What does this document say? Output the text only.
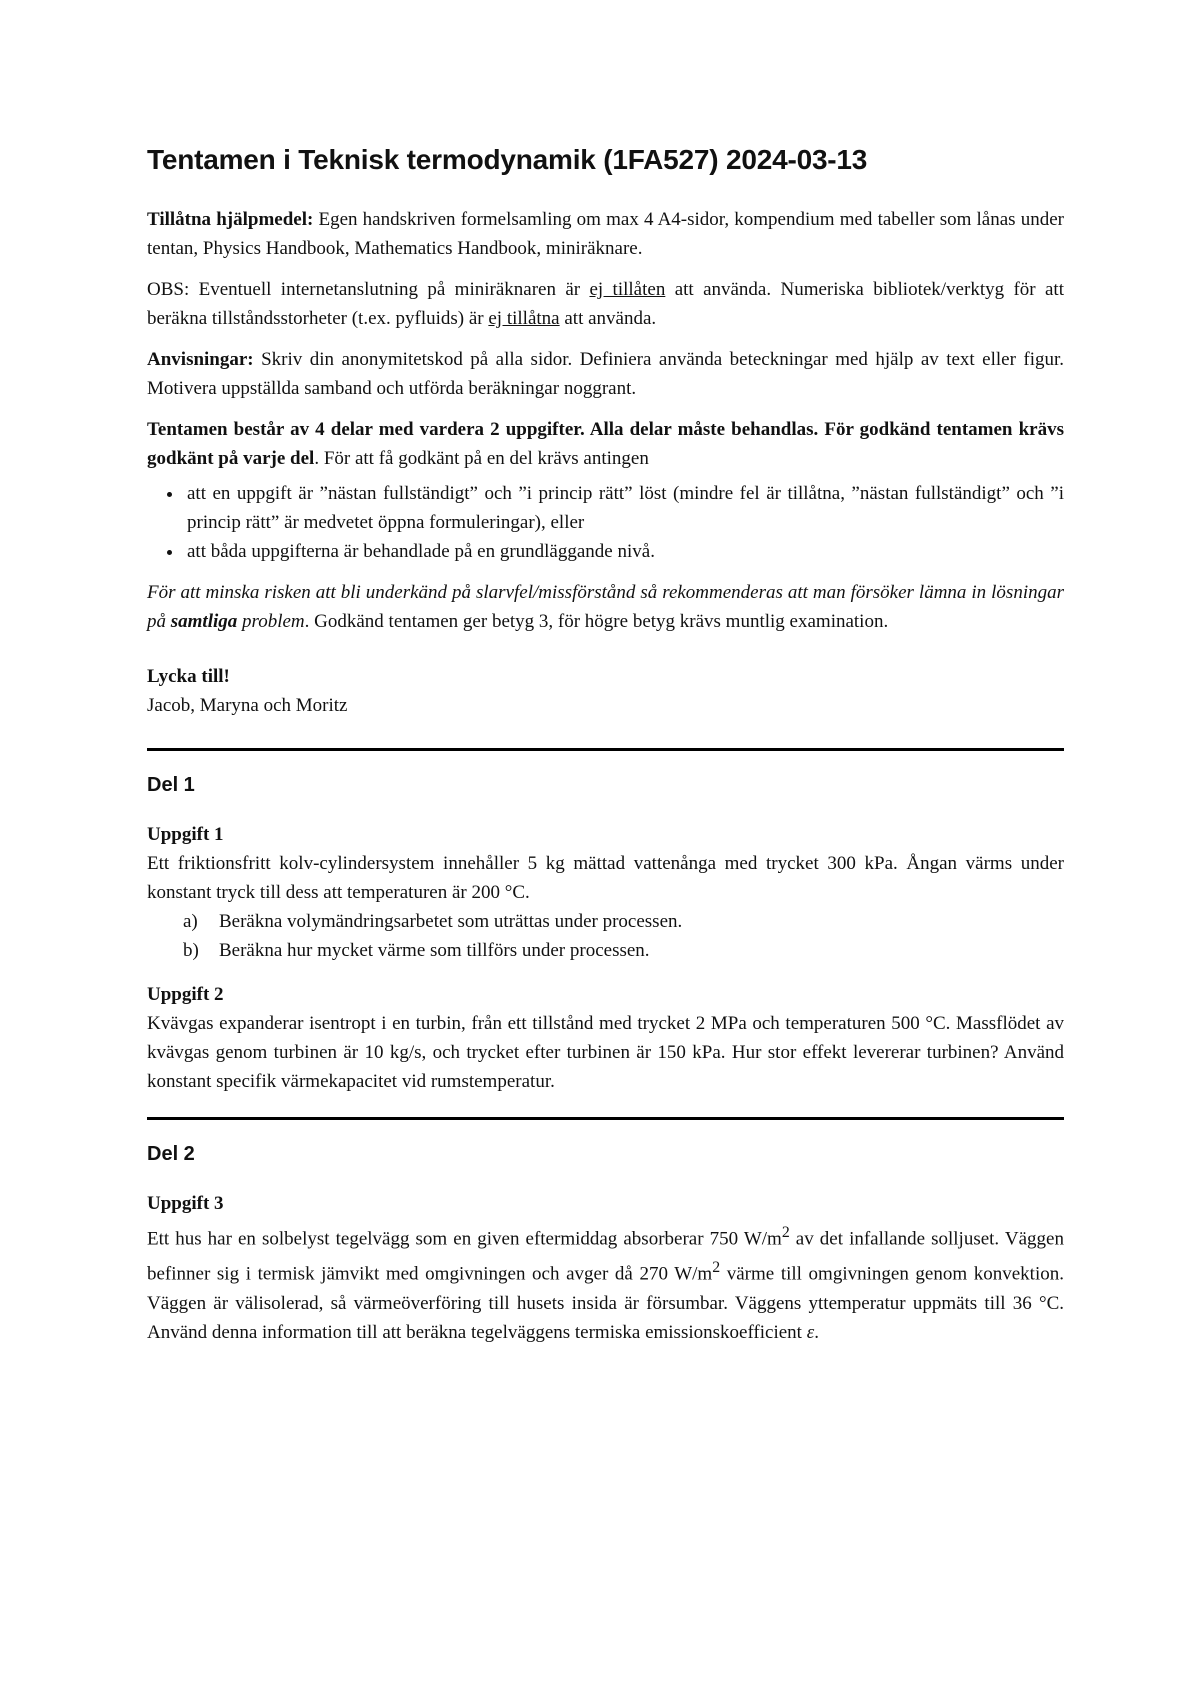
Tentamen i Teknisk termodynamik (1FA527) 2024-03-13

Tillåtna hjälpmedel: Egen handskriven formelsamling om max 4 A4-sidor, kompendium med tabeller som lånas under tentan, Physics Handbook, Mathematics Handbook, miniräknare.

OBS: Eventuell internetanslutning på miniräknaren är ej tillåten att använda. Numeriska bibliotek/verktyg för att beräkna tillståndsstorheter (t.ex. pyfluids) är ej tillåtna att använda.

Anvisningar: Skriv din anonymitetskod på alla sidor. Definiera använda beteckningar med hjälp av text eller figur. Motivera uppställda samband och utförda beräkningar noggrant.

Tentamen består av 4 delar med vardera 2 uppgifter. Alla delar måste behandlas. För godkänd tentamen krävs godkänt på varje del. För att få godkänt på en del krävs antingen

• att en uppgift är ”nästan fullständigt” och ”i princip rätt” löst (mindre fel är tillåtna, ”nästan fullständigt” och ”i princip rätt” är medvetet öppna formuleringar), eller
• att båda uppgifterna är behandlade på en grundläggande nivå.

För att minska risken att bli underkänd på slarvfel/missförstånd så rekommenderas att man försöker lämna in lösningar på samtliga problem. Godkänd tentamen ger betyg 3, för högre betyg krävs muntlig examination.

Lycka till!
Jacob, Maryna och Moritz
Del 1
Uppgift 1

Ett friktionsfritt kolv-cylindersystem innehåller 5 kg mättad vattenånga med trycket 300 kPa. Ångan värms under konstant tryck till dess att temperaturen är 200 °C.

a) Beräkna volymändringsarbetet som uträttas under processen.
b) Beräkna hur mycket värme som tillförs under processen.
Uppgift 2

Kvävgas expanderar isentropt i en turbin, från ett tillstånd med trycket 2 MPa och temperaturen 500 °C. Massflödet av kvävgas genom turbinen är 10 kg/s, och trycket efter turbinen är 150 kPa. Hur stor effekt levererar turbinen? Använd konstant specifik värmekapacitet vid rumstemperatur.

Del 2
Uppgift 3

Ett hus har en solbelyst tegelvägg som en given eftermiddag absorberar 750 $W/m^2$ av det infallande solljuset. Väggen befinner sig i termisk jämvikt med omgivningen och avger då 270 $W/m^2$ värme till omgivningen genom konvektion. Väggen är välisolerad, så värmeöverföring till husets insida är försumbar. Väggens yttemperatur uppmäts till 36 °C. Använd denna information till att beräkna tegelväggens termiska emissionskoefficient ε.
